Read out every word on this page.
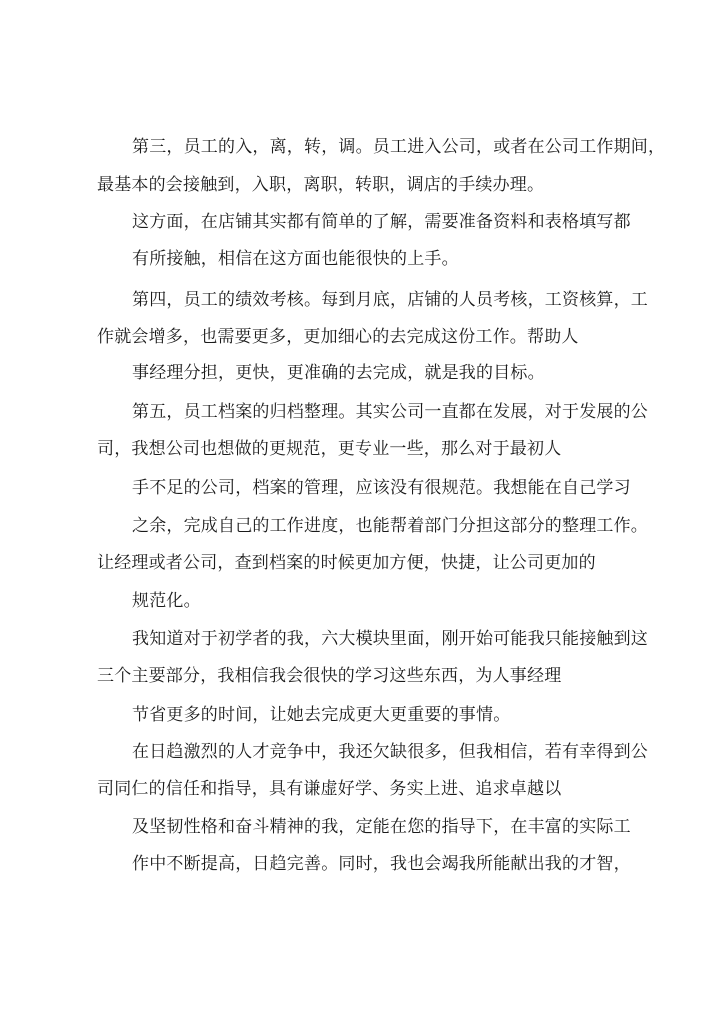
第三，员工的入，离，转，调。员工进入公司，或者在公司工作期间，
最基本的会接触到，入职，离职，转职，调店的手续办理。
这方面，在店铺其实都有简单的了解，需要准备资料和表格填写都
有所接触，相信在这方面也能很快的上手。
第四，员工的绩效考核。每到月底，店铺的人员考核，工资核算，工
作就会增多，也需要更多，更加细心的去完成这份工作。帮助人
事经理分担，更快，更准确的去完成，就是我的目标。
第五，员工档案的归档整理。其实公司一直都在发展，对于发展的公
司，我想公司也想做的更规范，更专业一些，那么对于最初人
手不足的公司，档案的管理，应该没有很规范。我想能在自己学习
之余，完成自己的工作进度，也能帮着部门分担这部分的整理工作。
让经理或者公司，查到档案的时候更加方便，快捷，让公司更加的
规范化。
我知道对于初学者的我，六大模块里面，刚开始可能我只能接触到这
三个主要部分，我相信我会很快的学习这些东西，为人事经理
节省更多的时间，让她去完成更大更重要的事情。
在日趋激烈的人才竞争中，我还欠缺很多，但我相信，若有幸得到公
司同仁的信任和指导，具有谦虚好学、务实上进、追求卓越以
及坚韧性格和奋斗精神的我，定能在您的指导下，在丰富的实际工
作中不断提高，日趋完善。同时，我也会竭我所能献出我的才智，
